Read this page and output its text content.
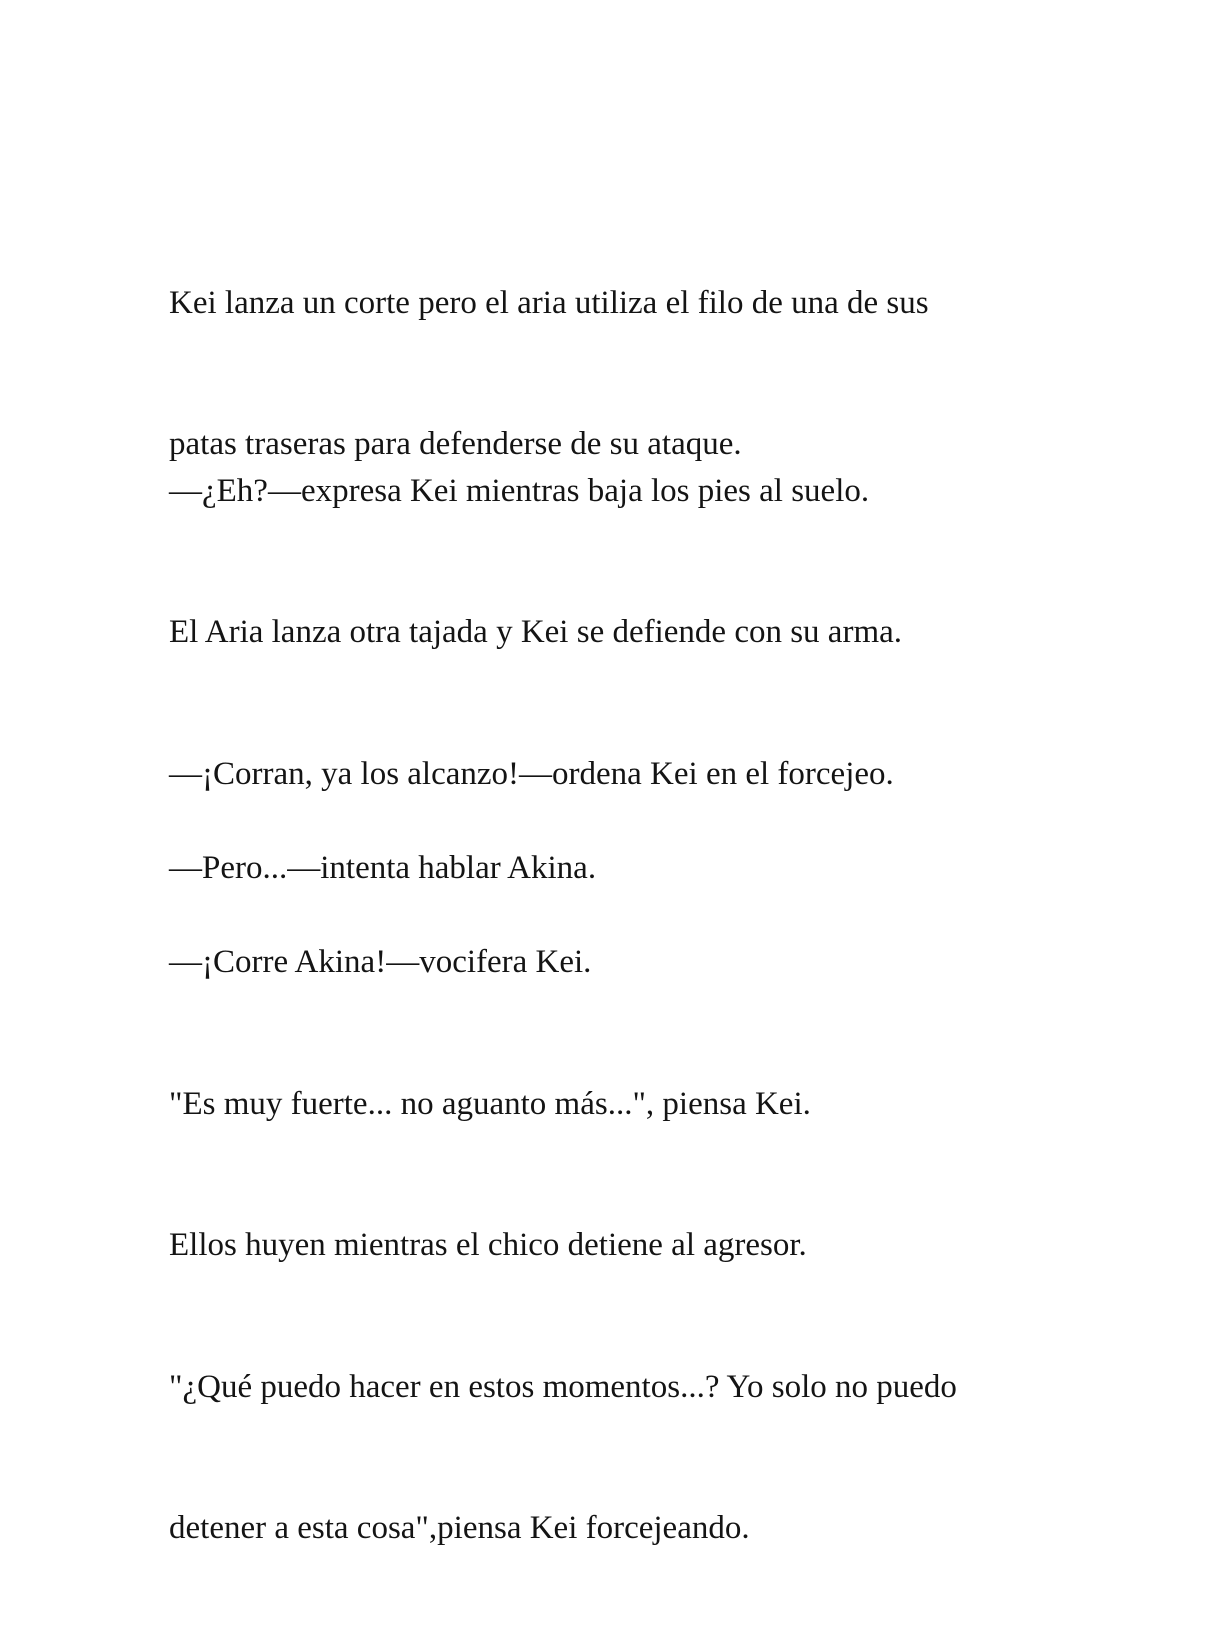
Kei lanza un corte pero el aria utiliza el filo de una de sus

patas traseras para defenderse de su ataque.

—¿Eh?—expresa Kei mientras baja los pies al suelo.

El Aria lanza otra tajada y Kei se defiende con su arma.

—¡Corran, ya los alcanzo!—ordena Kei en el forcejeo.

—Pero...—intenta hablar Akina.

—¡Corre Akina!—vocifera Kei.

"Es muy fuerte... no aguanto más...", piensa Kei.

Ellos huyen mientras el chico detiene al agresor.

"¿Qué puedo hacer en estos momentos...? Yo solo no puedo

detener a esta cosa",piensa Kei forcejeando.
